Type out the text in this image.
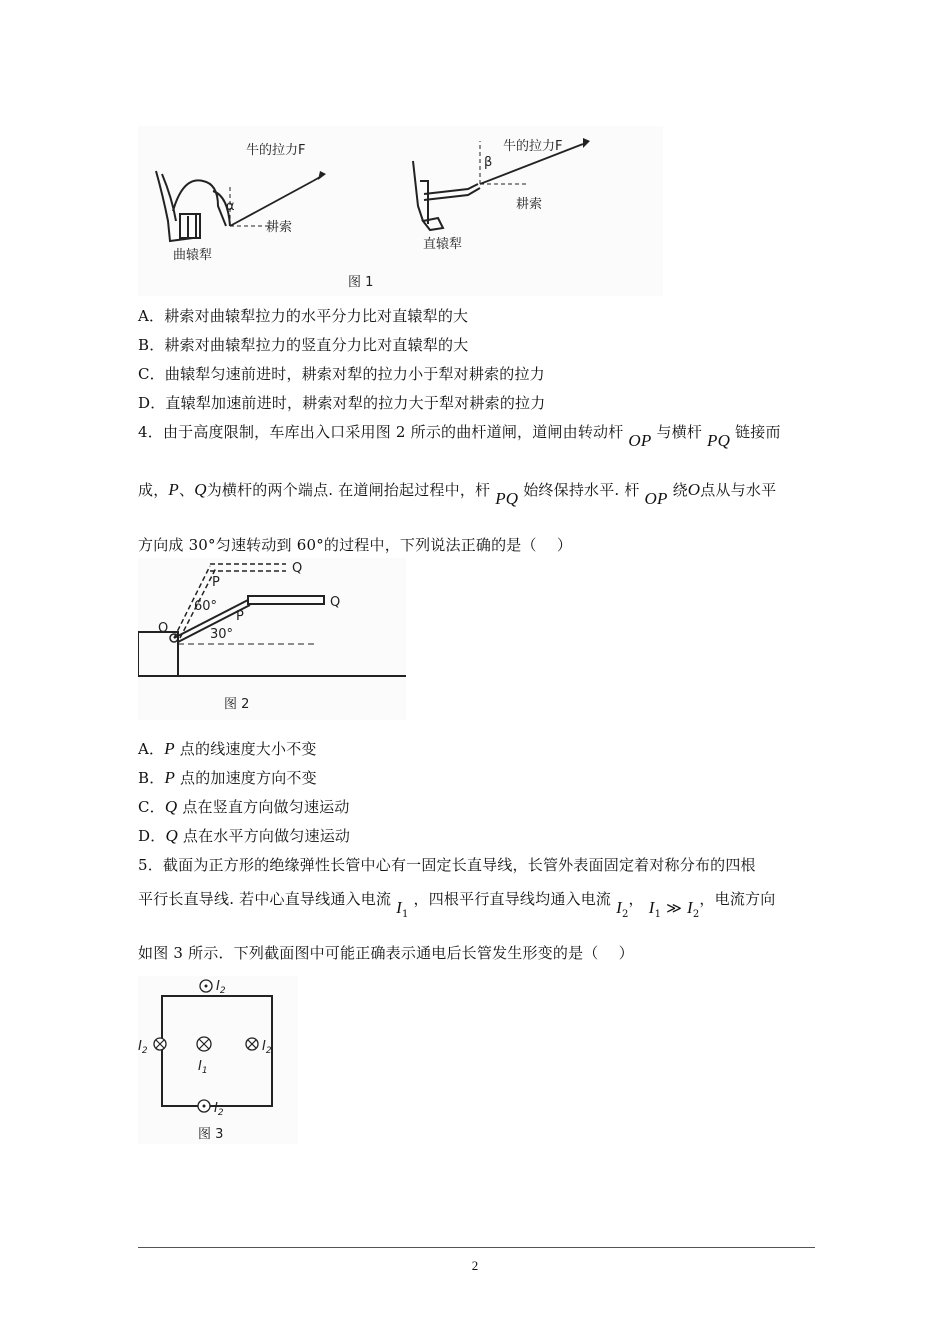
α
牛的拉力F
耕索
曲辕犁
β
牛的拉力F
耕索
直辕犁
图 1
A．耕索对曲辕犁拉力的水平分力比对直辕犁的大
B．耕索对曲辕犁拉力的竖直分力比对直辕犁的大
C．曲辕犁匀速前进时，耕索对犁的拉力小于犁对耕索的拉力
D．直辕犁加速前进时，耕索对犁的拉力大于犁对耕索的拉力
4．由于高度限制，车库出入口采用图 2 所示的曲杆道闸，道闸由转动杆 OP 与横杆 PQ 链接而
成，P、Q为横杆的两个端点. 在道闸抬起过程中，杆 PQ 始终保持水平. 杆 OP 绕O点从与水平
方向成 30°匀速转动到 60°的过程中，下列说法正确的是（　 ）
O
P
P
Q
Q
60°
30°
图 2
A．P 点的线速度大小不变
B．P 点的加速度方向不变
C．Q 点在竖直方向做匀速运动
D．Q 点在水平方向做匀速运动
5．截面为正方形的绝缘弹性长管中心有一固定长直导线，长管外表面固定着对称分布的四根
平行长直导线. 若中心直导线通入电流 $I_1$ ，四根平行直导线均通入电流 $I_2$， $I_1$ ≫ $I_2$，电流方向
如图 3 所示．下列截面图中可能正确表示通电后长管发生形变的是（　 ）
$I_2$
$I_2$	$I_2$
$I_1$
$I_2$
图 3
2
